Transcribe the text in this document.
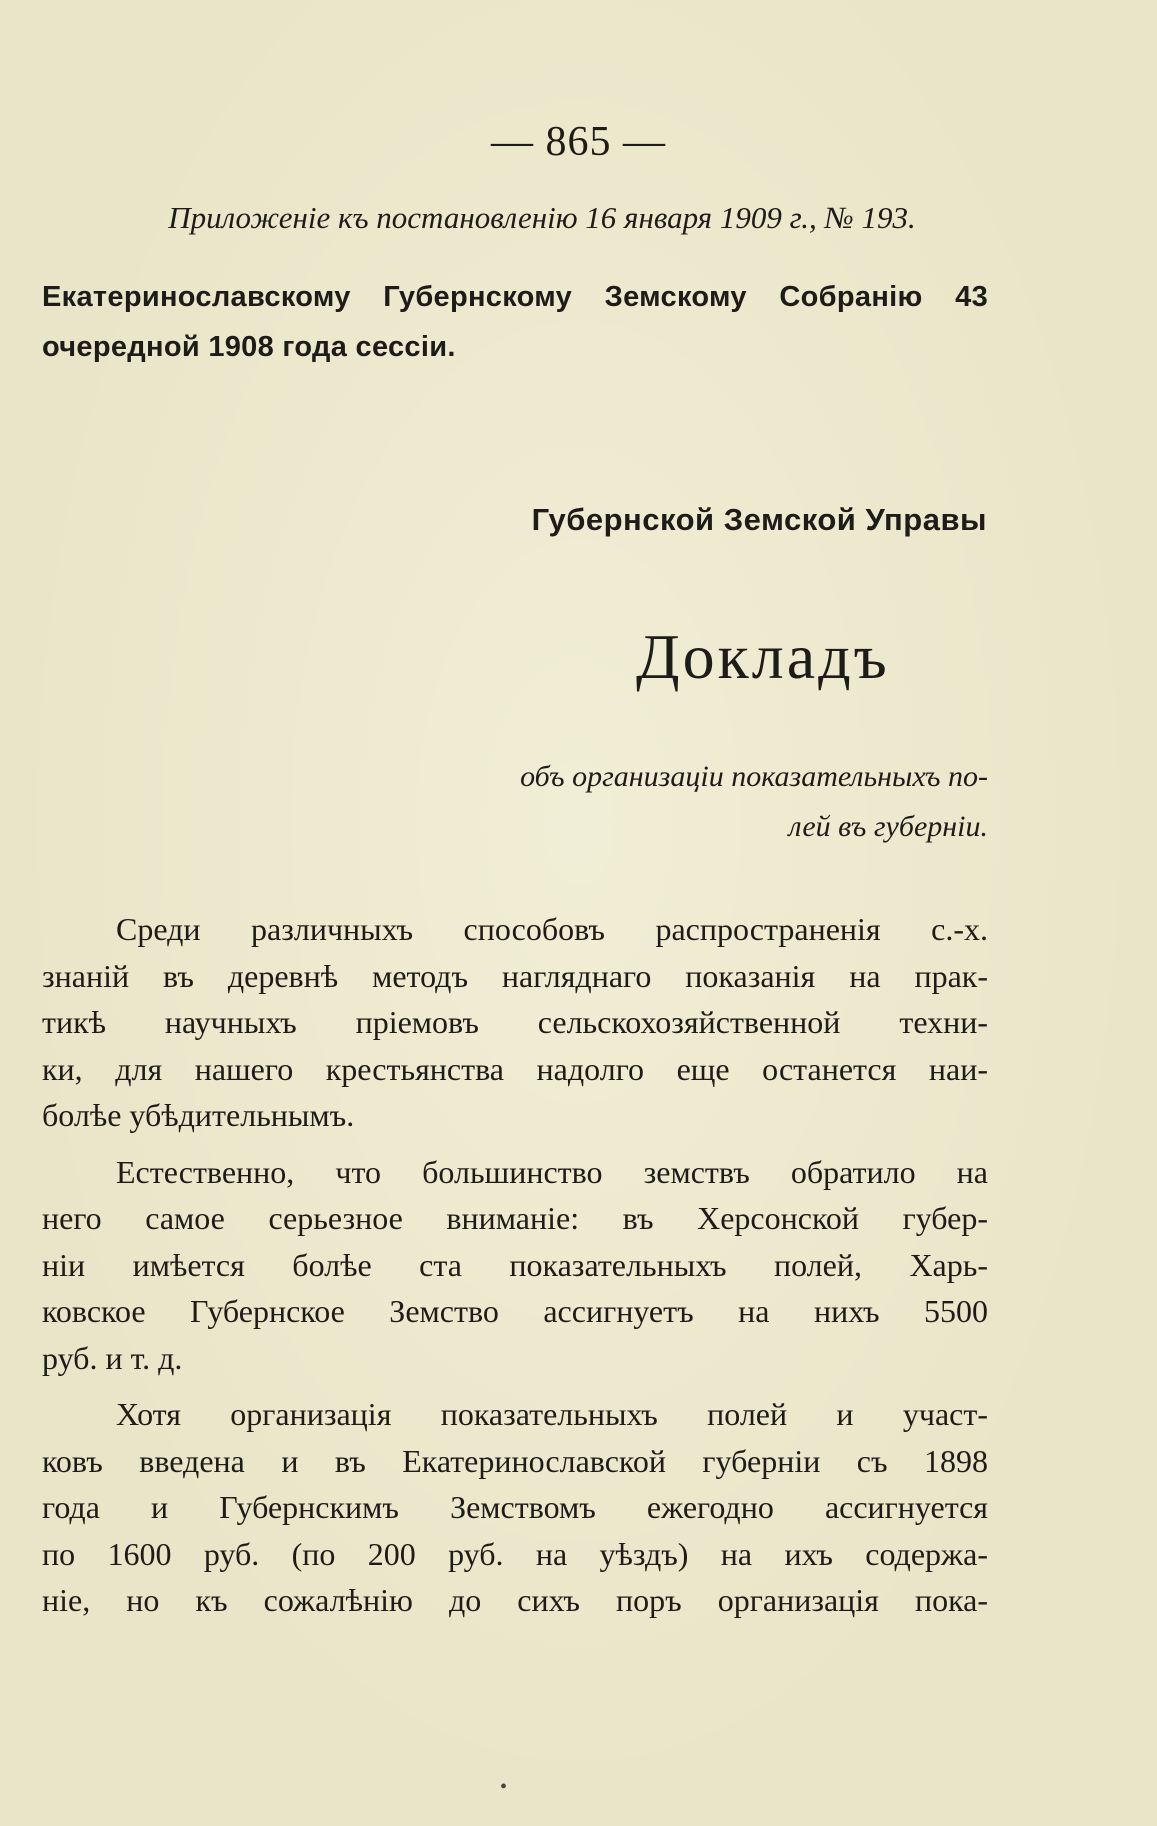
— 865 —
Приложенiе къ постановленiю 16 января 1909 г., № 193.
Екатеринославскому Губернскому Земскому Собранiю 43 очередной 1908 года сессiи.
Губернской Земской Управы
Докладъ
объ организацiи показательныхъ по-
лей въ губернiи.
Среди различныхъ способовъ распространенiя с.-х.
знанiй въ деревнѣ методъ нагляднаго показанiя на прак-
тикѣ научныхъ прiемовъ сельскохозяйственной техни-
ки, для нашего крестьянства надолго еще останется наи-
болѣе убѣдительнымъ.
Естественно, что большинство земствъ обратило на
него самое серьезное вниманiе: въ Херсонской губер-
нiи имѣется болѣе ста показательныхъ полей, Харь-
ковское Губернское Земство ассигнуетъ на нихъ 5500
руб. и т. д.
Хотя организацiя показательныхъ полей и участ-
ковъ введена и въ Екатеринославской губернiи съ 1898
года и Губернскимъ Земствомъ ежегодно ассигнуется
по 1600 руб. (по 200 руб. на уѣздъ) на ихъ содержа-
нiе, но къ сожалѣнiю до сихъ поръ организацiя пока-
•
